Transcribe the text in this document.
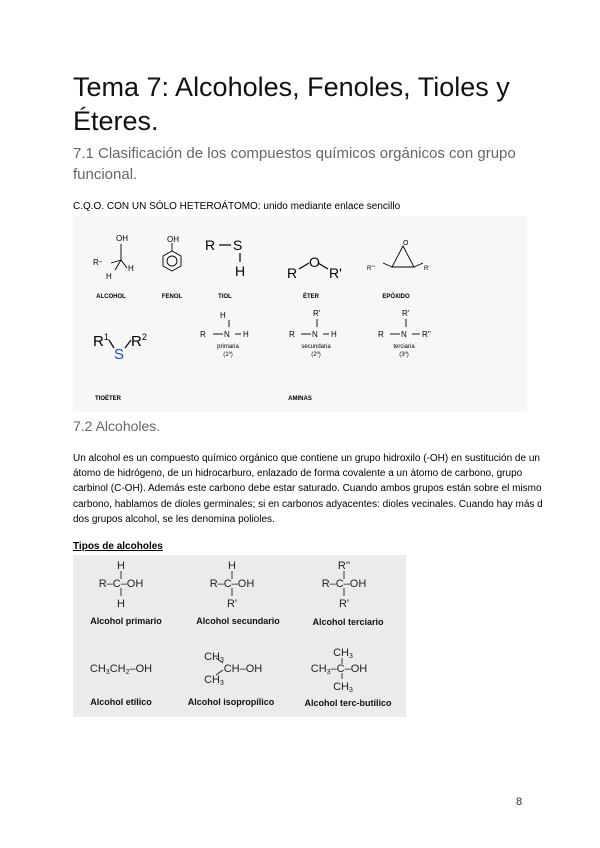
Tema 7: Alcoholes, Fenoles, Tioles y Éteres.

7.1 Clasificación de los compuestos químicos orgánicos con grupo funcional.

C.Q.O. CON UN SÓLO HETEROÁTOMO: unido mediante enlace sencillo
OH
R'''	H
H
OH	O
R'''	R'
H
R N H
R'
R N H
R'
R N R''
R S
H	R
O
R'
$R^1$
S
$R^2$
ALCOHOL	FENOL	TIOL	ÉTER	EPÓXIDO
TIOÉTER	AMINAS
primaria
(1º)
secundaria
(2º)
terciaria
(3º)

7.2 Alcoholes.

Un alcohol es un compuesto químico orgánico que contiene un grupo hidroxilo (-OH) en sustitución de un átomo de hidrógeno, de un hidrocarburo, enlazado de forma covalente a un átomo de carbono, grupo carbinol (C-OH). Además este carbono debe estar saturado. Cuando ambos grupos están sobre el mismo carbono, hablamos de dioles germinales; si en carbonos adyacentes: dioles vecinales. Cuando hay más d dos grupos alcohol, se les denomina polioles.

Tipos de alcoholes
H
R–C–OH
H
H
R–C–OH
R'
R''
R–C–OH
R'
CH3CH2–OH
CH3
CH–OH
CH3
CH3
CH3–C–OH
CH3
Alcohol primario	Alcohol secundario	Alcohol terciario
Alcohol etílico	Alcohol isopropílico	Alcohol terc-butílico
8
